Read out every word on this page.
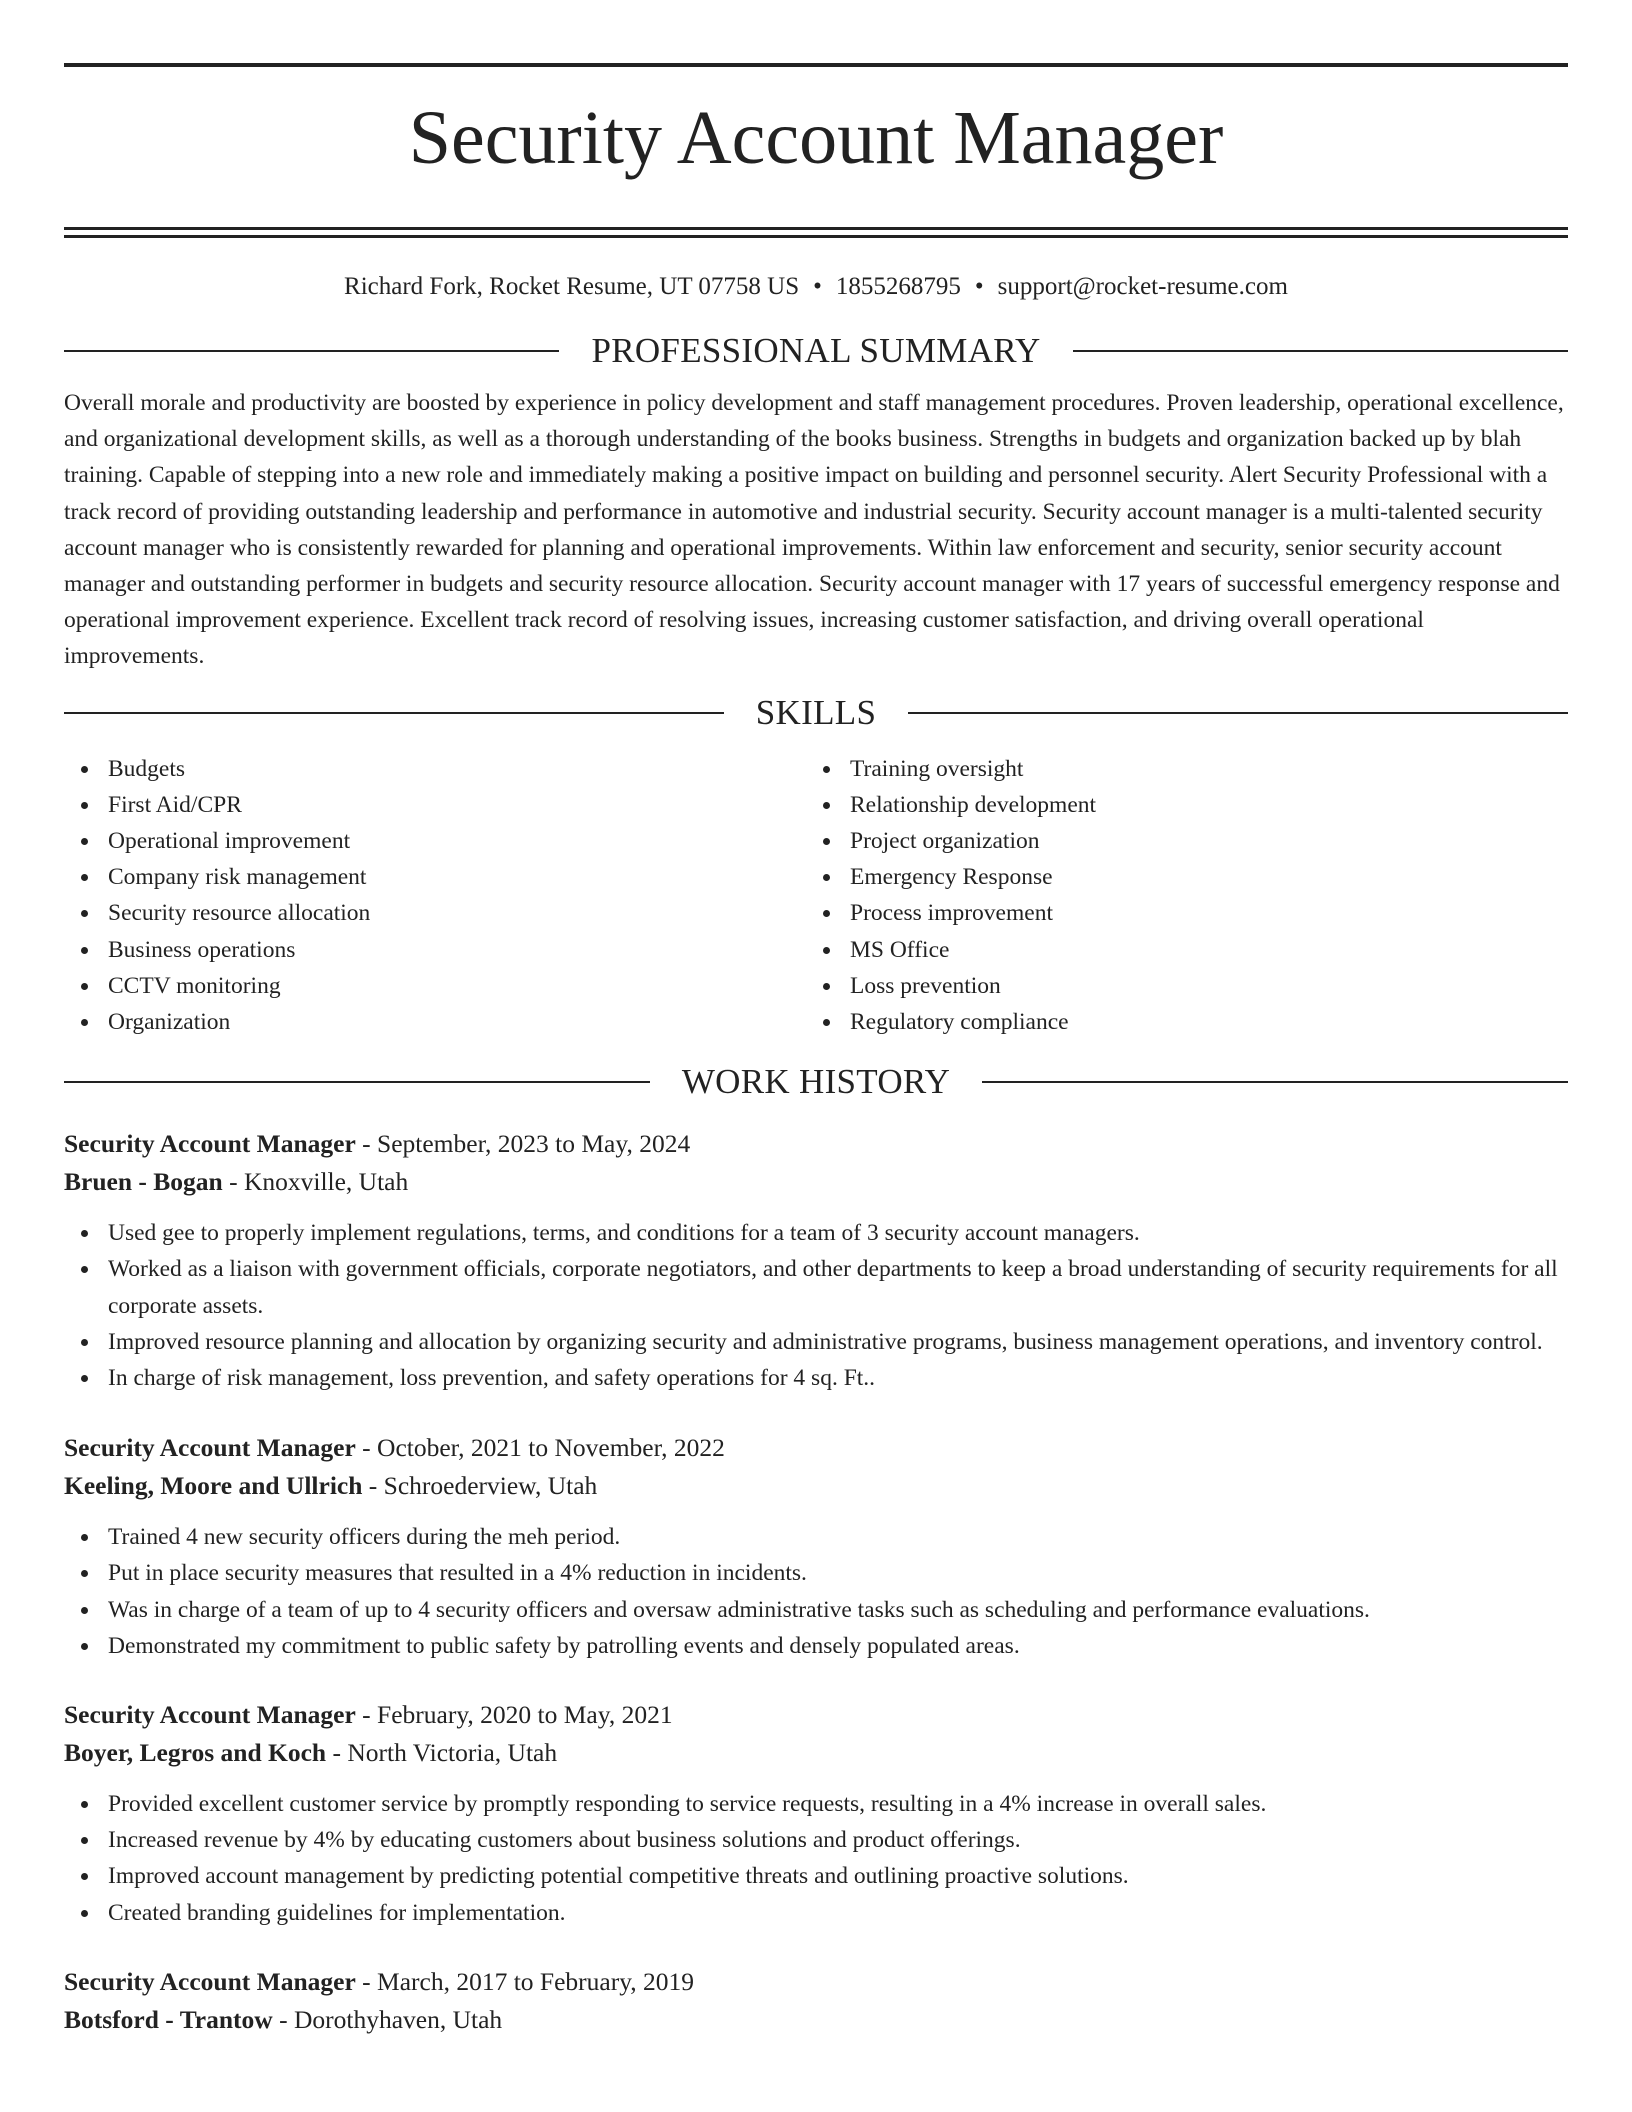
Security Account Manager
Richard Fork, Rocket Resume, UT 07758 US • 1855268795 • support@rocket-resume.com
PROFESSIONAL SUMMARY

Overall morale and productivity are boosted by experience in policy development and staff management procedures. Proven leadership, operational excellence, and organizational development skills, as well as a thorough understanding of the books business. Strengths in budgets and organization backed up by blah training. Capable of stepping into a new role and immediately making a positive impact on building and personnel security. Alert Security Professional with a track record of providing outstanding leadership and performance in automotive and industrial security. Security account manager is a multi-talented security account manager who is consistently rewarded for planning and operational improvements. Within law enforcement and security, senior security account manager and outstanding performer in budgets and security resource allocation. Security account manager with 17 years of successful emergency response and operational improvement experience. Excellent track record of resolving issues, increasing customer satisfaction, and driving overall operational improvements.

SKILLS
Budgets
First Aid/CPR
Operational improvement
Company risk management
Security resource allocation
Business operations
CCTV monitoring
Organization
Training oversight
Relationship development
Project organization
Emergency Response
Process improvement
MS Office
Loss prevention
Regulatory compliance
WORK HISTORY
Security Account Manager - September, 2023 to May, 2024
Bruen - Bogan - Knoxville, Utah
Used gee to properly implement regulations, terms, and conditions for a team of 3 security account managers.
Worked as a liaison with government officials, corporate negotiators, and other departments to keep a broad understanding of security requirements for all corporate assets.
Improved resource planning and allocation by organizing security and administrative programs, business management operations, and inventory control.
In charge of risk management, loss prevention, and safety operations for 4 sq. Ft..
Security Account Manager - October, 2021 to November, 2022
Keeling, Moore and Ullrich - Schroederview, Utah
Trained 4 new security officers during the meh period.
Put in place security measures that resulted in a 4% reduction in incidents.
Was in charge of a team of up to 4 security officers and oversaw administrative tasks such as scheduling and performance evaluations.
Demonstrated my commitment to public safety by patrolling events and densely populated areas.
Security Account Manager - February, 2020 to May, 2021
Boyer, Legros and Koch - North Victoria, Utah
Provided excellent customer service by promptly responding to service requests, resulting in a 4% increase in overall sales.
Increased revenue by 4% by educating customers about business solutions and product offerings.
Improved account management by predicting potential competitive threats and outlining proactive solutions.
Created branding guidelines for implementation.
Security Account Manager - March, 2017 to February, 2019
Botsford - Trantow - Dorothyhaven, Utah
